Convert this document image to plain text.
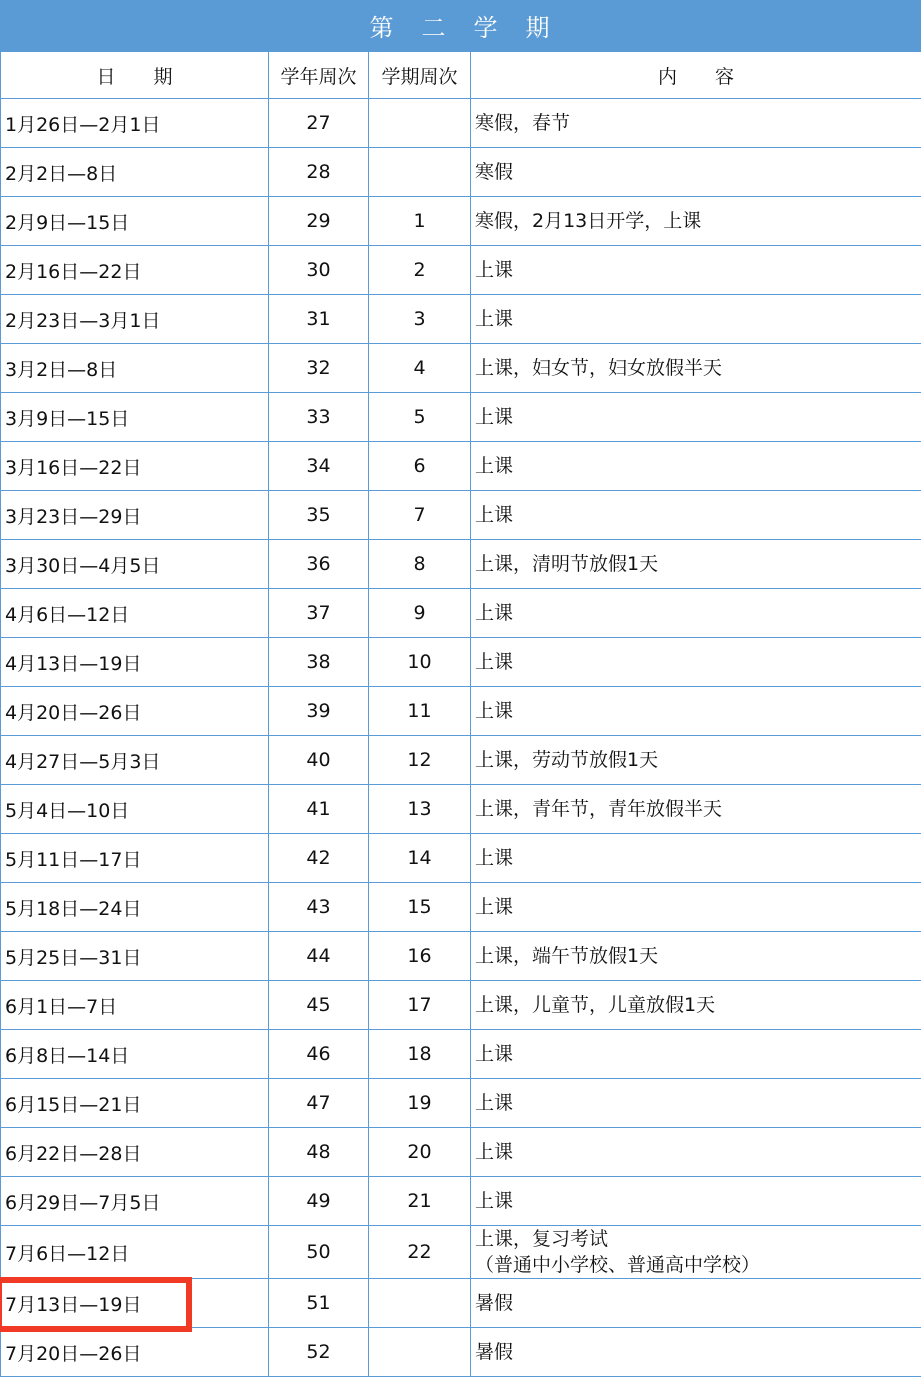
第　二　学　期
日　　期	学年周次	学期周次	内　　容
1月26日—2月1日	27		寒假，春节

2月2日—8日	28		寒假

2月9日—15日	29	1	寒假，2月13日开学，上课

2月16日—22日	30	2	上课

2月23日—3月1日	31	3	上课

3月2日—8日	32	4	上课，妇女节，妇女放假半天

3月9日—15日	33	5	上课

3月16日—22日	34	6	上课

3月23日—29日	35	7	上课

3月30日—4月5日	36	8	上课，清明节放假1天

4月6日—12日	37	9	上课

4月13日—19日	38	10	上课

4月20日—26日	39	11	上课

4月27日—5月3日	40	12	上课，劳动节放假1天

5月4日—10日	41	13	上课，青年节，青年放假半天

5月11日—17日	42	14	上课

5月18日—24日	43	15	上课

5月25日—31日	44	16	上课，端午节放假1天

6月1日—7日	45	17	上课，儿童节，儿童放假1天

6月8日—14日	46	18	上课

6月15日—21日	47	19	上课

6月22日—28日	48	20	上课

6月29日—7月5日	49	21	上课

7月6日—12日	50	22	上课，复习考试
（普通中小学校、普通高中学校）

7月13日—19日	51		暑假

7月20日—26日	52		暑假
